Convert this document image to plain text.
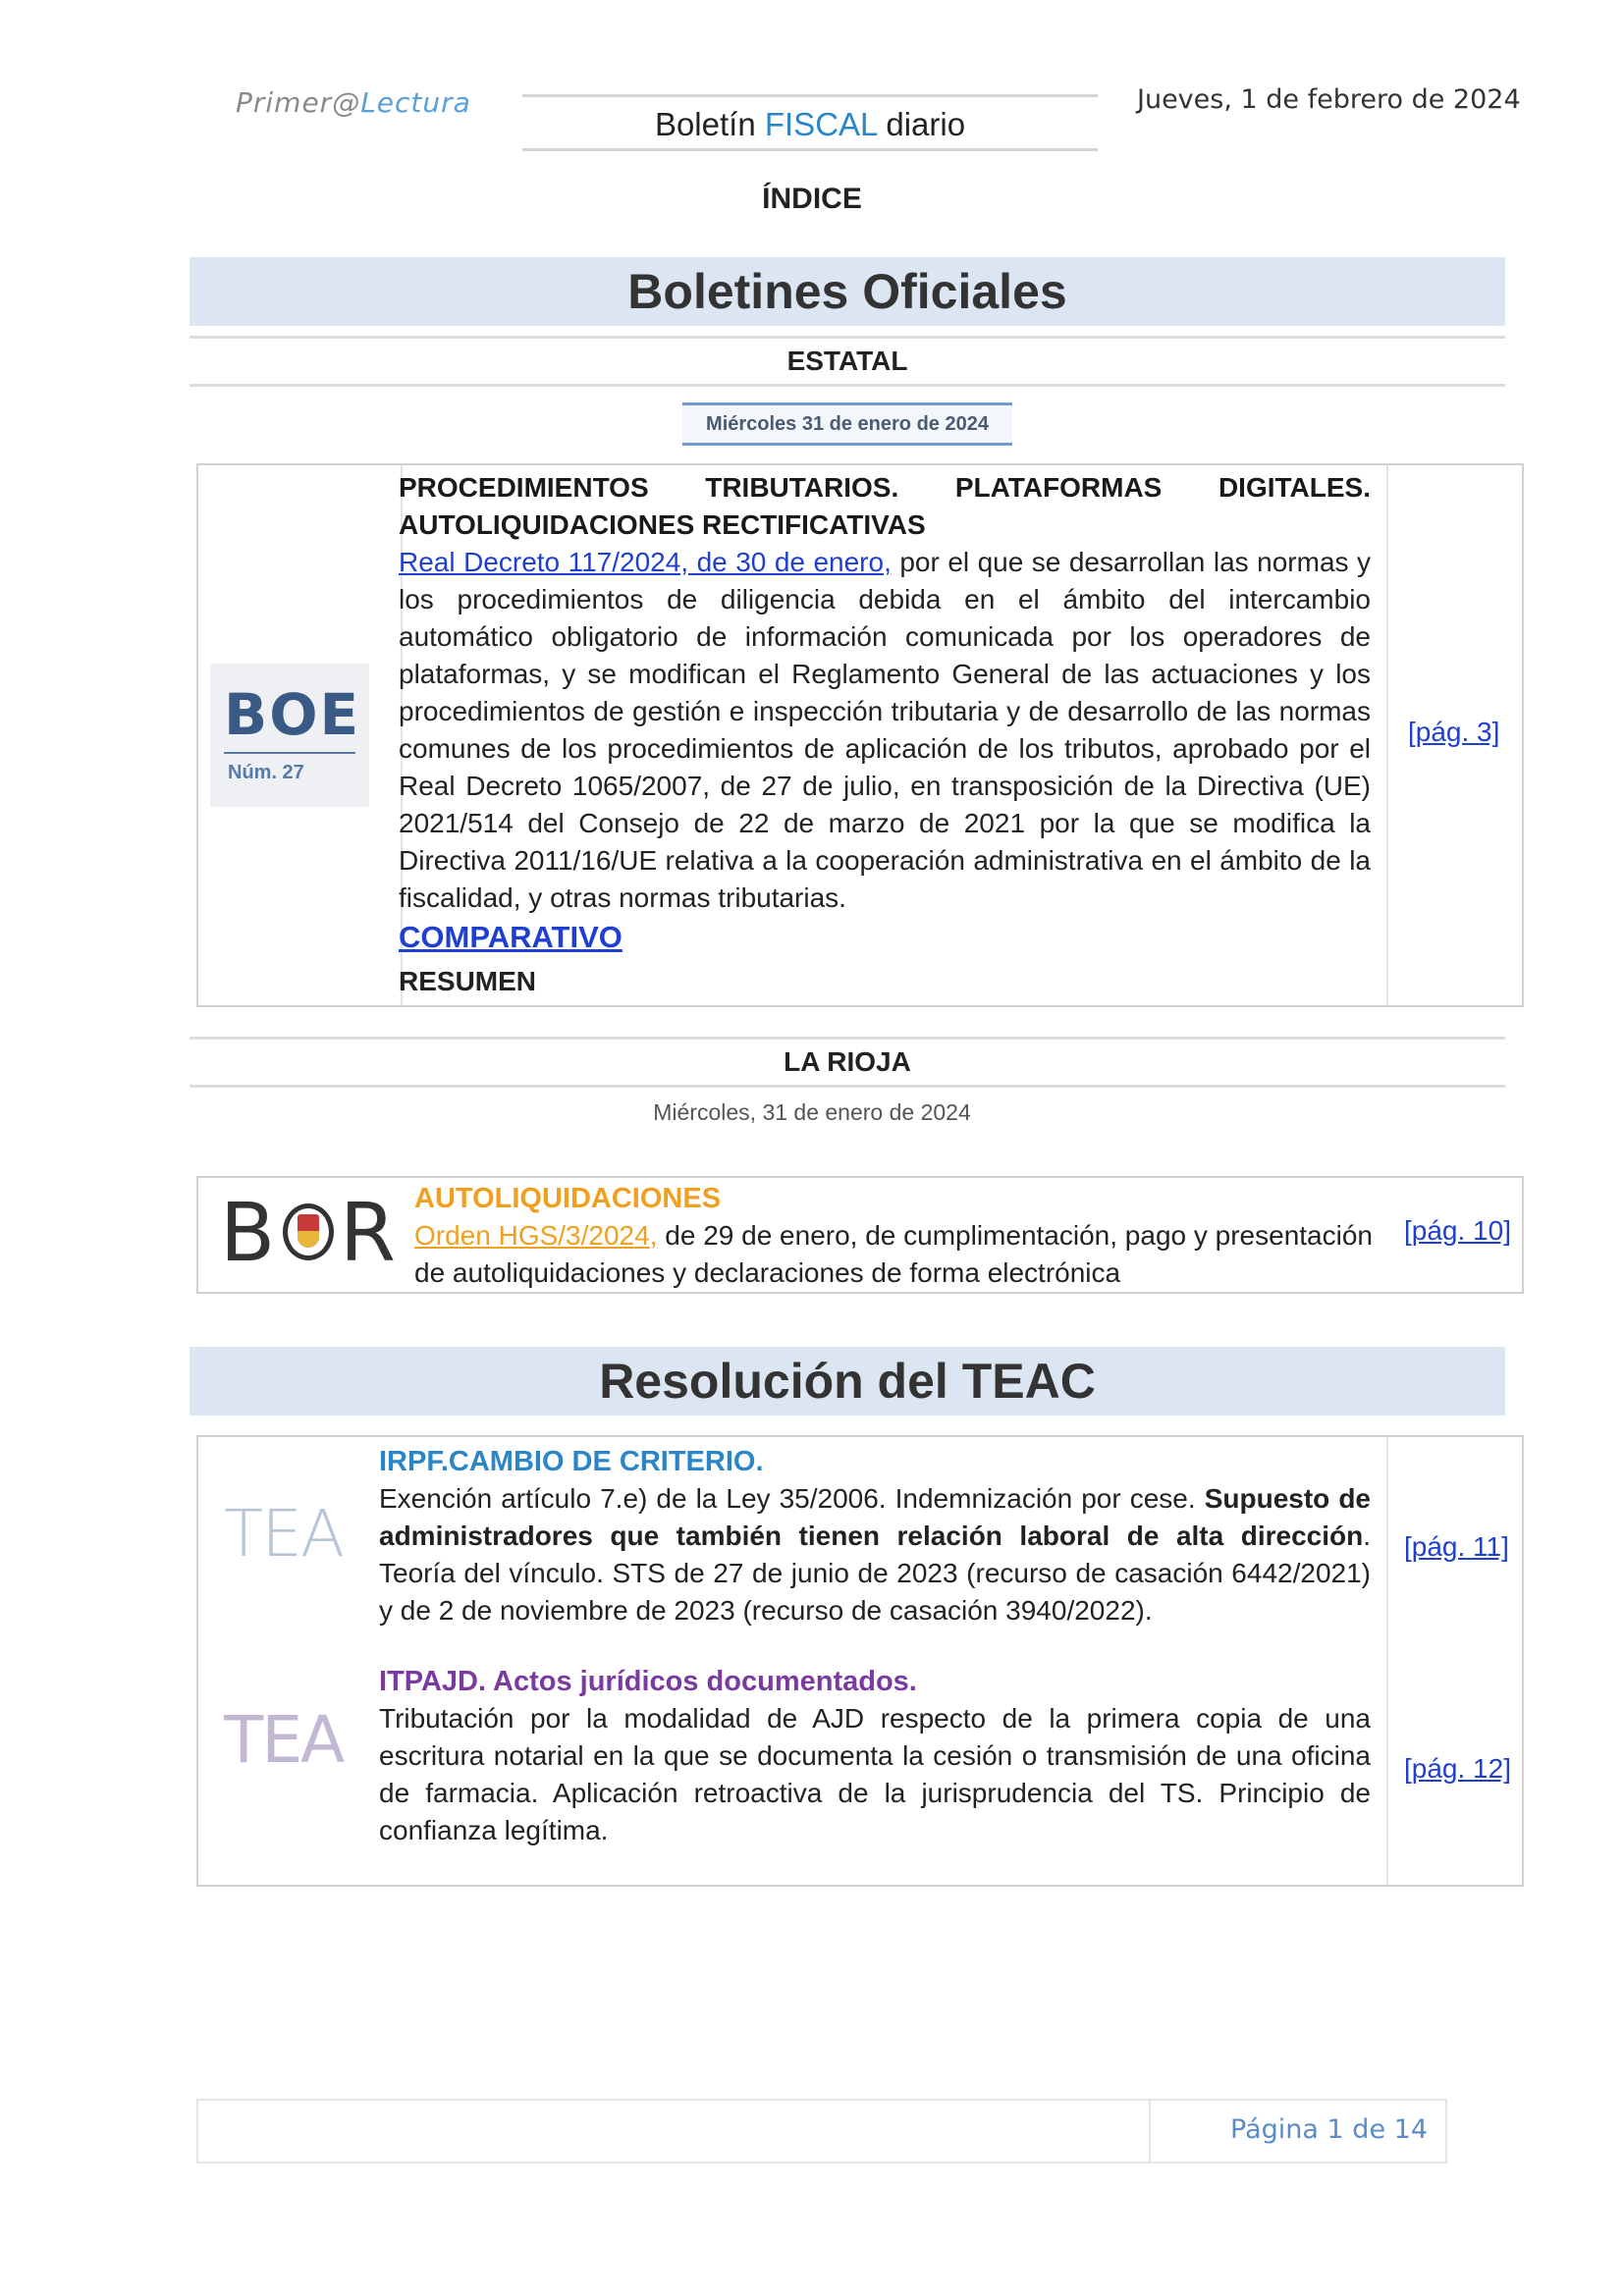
Primer@Lectura
Boletín FISCAL diario
Jueves, 1 de febrero de 2024
ÍNDICE
Boletines Oficiales
ESTATAL
Miércoles 31 de enero de 2024
BOE
Núm. 27
PROCEDIMIENTOS TRIBUTARIOS. PLATAFORMAS DIGITALES. AUTOLIQUIDACIONES RECTIFICATIVAS
Real Decreto 117/2024, de 30 de enero, por el que se desarrollan las normas y los procedimientos de diligencia debida en el ámbito del intercambio automático obligatorio de información comunicada por los operadores de plataformas, y se modifican el Reglamento General de las actuaciones y los procedimientos de gestión e inspección tributaria y de desarrollo de las normas comunes de los procedimientos de aplicación de los tributos, aprobado por el Real Decreto 1065/2007, de 27 de julio, en transposición de la Directiva (UE) 2021/514 del Consejo de 22 de marzo de 2021 por la que se modifica la Directiva 2011/16/UE relativa a la cooperación administrativa en el ámbito de la fiscalidad, y otras normas tributarias.
COMPARATIVO
RESUMEN
[pág. 3]
LA RIOJA
Miércoles, 31 de enero de 2024
B R AUTOLIQUIDACIONES
Orden HGS/3/2024, de 29 de enero, de cumplimentación, pago y presentación de autoliquidaciones y declaraciones de forma electrónica
[pág. 10]
Resolución del TEAC
TEA
IRPF.CAMBIO DE CRITERIO.
Exención artículo 7.e) de la Ley 35/2006. Indemnización por cese. Supuesto de administradores que también tienen relación laboral de alta dirección. Teoría del vínculo. STS de 27 de junio de 2023 (recurso de casación 6442/2021) y de 2 de noviembre de 2023 (recurso de casación 3940/2022).
[pág. 11]
TEA
ITPAJD. Actos jurídicos documentados.
Tributación por la modalidad de AJD respecto de la primera copia de una escritura notarial en la que se documenta la cesión o transmisión de una oficina de farmacia. Aplicación retroactiva de la jurisprudencia del TS. Principio de confianza legítima.
[pág. 12]
Página 1 de 14
